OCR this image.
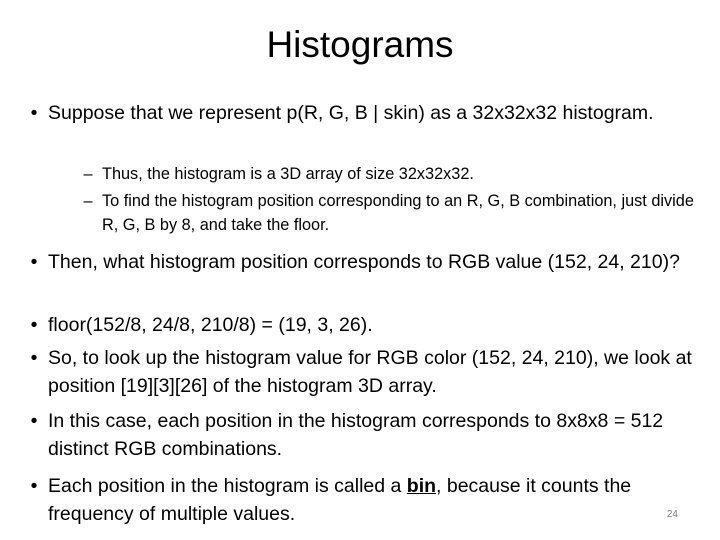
Histograms
• Suppose that we represent p(R, G, B | skin) as a 32x32x32 histogram.
– Thus, the histogram is a 3D array of size 32x32x32.
– To find the histogram position corresponding to an R, G, B combination, just divide R, G, B by 8, and take the floor.
• Then, what histogram position corresponds to RGB value (152, 24, 210)?
• floor(152/8, 24/8, 210/8) = (19, 3, 26).
• So, to look up the histogram value for RGB color (152, 24, 210), we look at position [19][3][26] of the histogram 3D array.
• In this case, each position in the histogram corresponds to 8x8x8 = 512 distinct RGB combinations.
• Each position in the histogram is called a bin, because it counts the frequency of multiple values.	24
